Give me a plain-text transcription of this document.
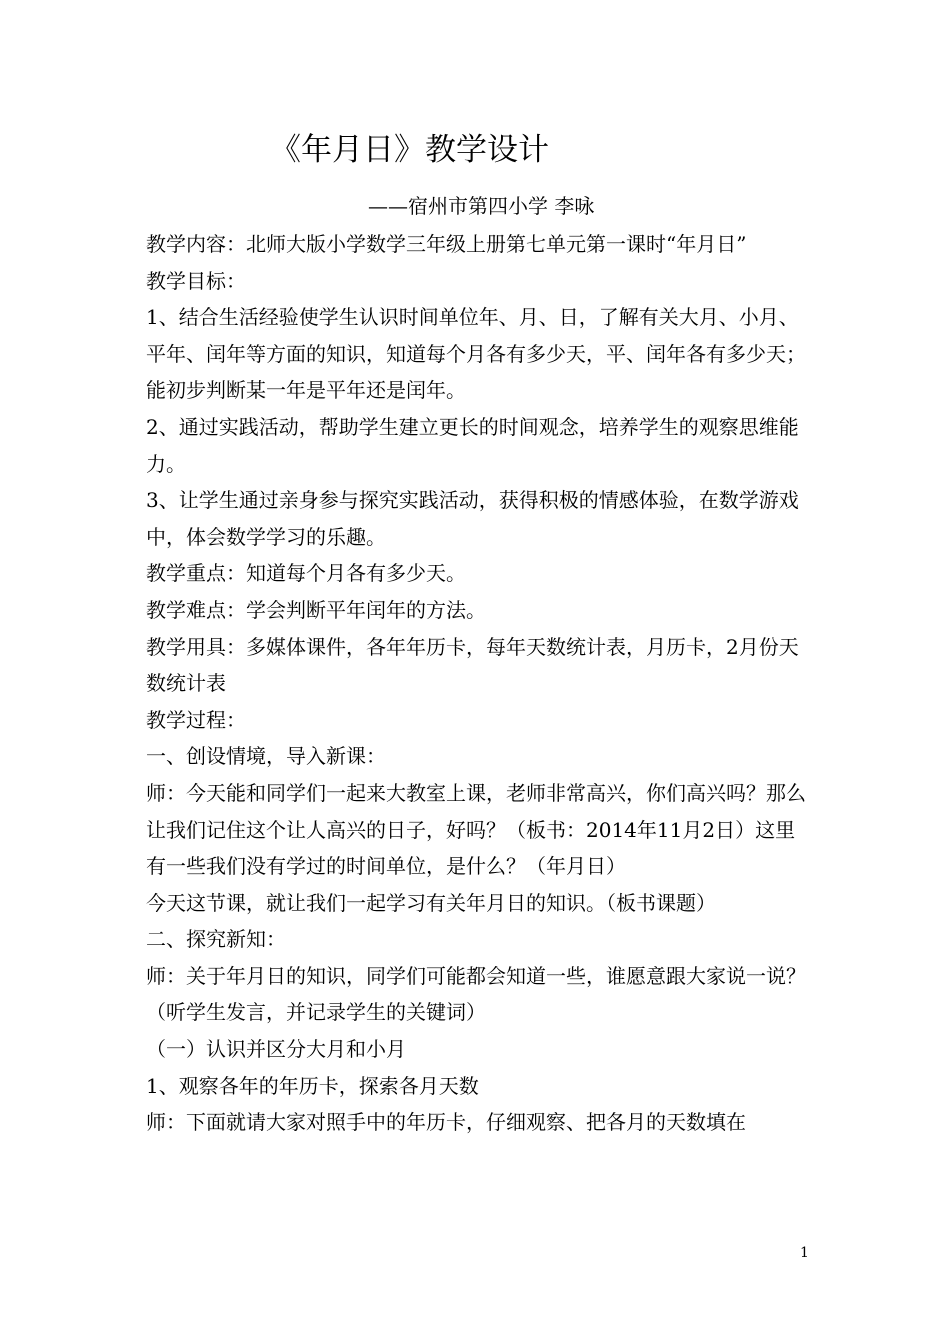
《年月日》教学设计
——宿州市第四小学 李咏

教学内容：北师大版小学数学三年级上册第七单元第一课时“年月日”

教学目标：

1、结合生活经验使学生认识时间单位年、月、日，了解有关大月、小月、平年、闰年等方面的知识，知道每个月各有多少天，平、闰年各有多少天；能初步判断某一年是平年还是闰年。

2、通过实践活动，帮助学生建立更长的时间观念，培养学生的观察思维能力。

3、让学生通过亲身参与探究实践活动，获得积极的情感体验，在数学游戏中，体会数学学习的乐趣。

教学重点：知道每个月各有多少天。

教学难点：学会判断平年闰年的方法。

教学用具：多媒体课件，各年年历卡，每年天数统计表，月历卡，2月份天数统计表

教学过程：

一、创设情境，导入新课：

师：今天能和同学们一起来大教室上课，老师非常高兴，你们高兴吗？那么让我们记住这个让人高兴的日子，好吗？（板书：2014年11月2日）这里有一些我们没有学过的时间单位，是什么？（年月日）

今天这节课，就让我们一起学习有关年月日的知识。（板书课题）

二、探究新知：

师：关于年月日的知识，同学们可能都会知道一些，谁愿意跟大家说一说？

（听学生发言，并记录学生的关键词）

（一）认识并区分大月和小月

1、观察各年的年历卡，探索各月天数

师：下面就请大家对照手中的年历卡，仔细观察、把各月的天数填在

1
